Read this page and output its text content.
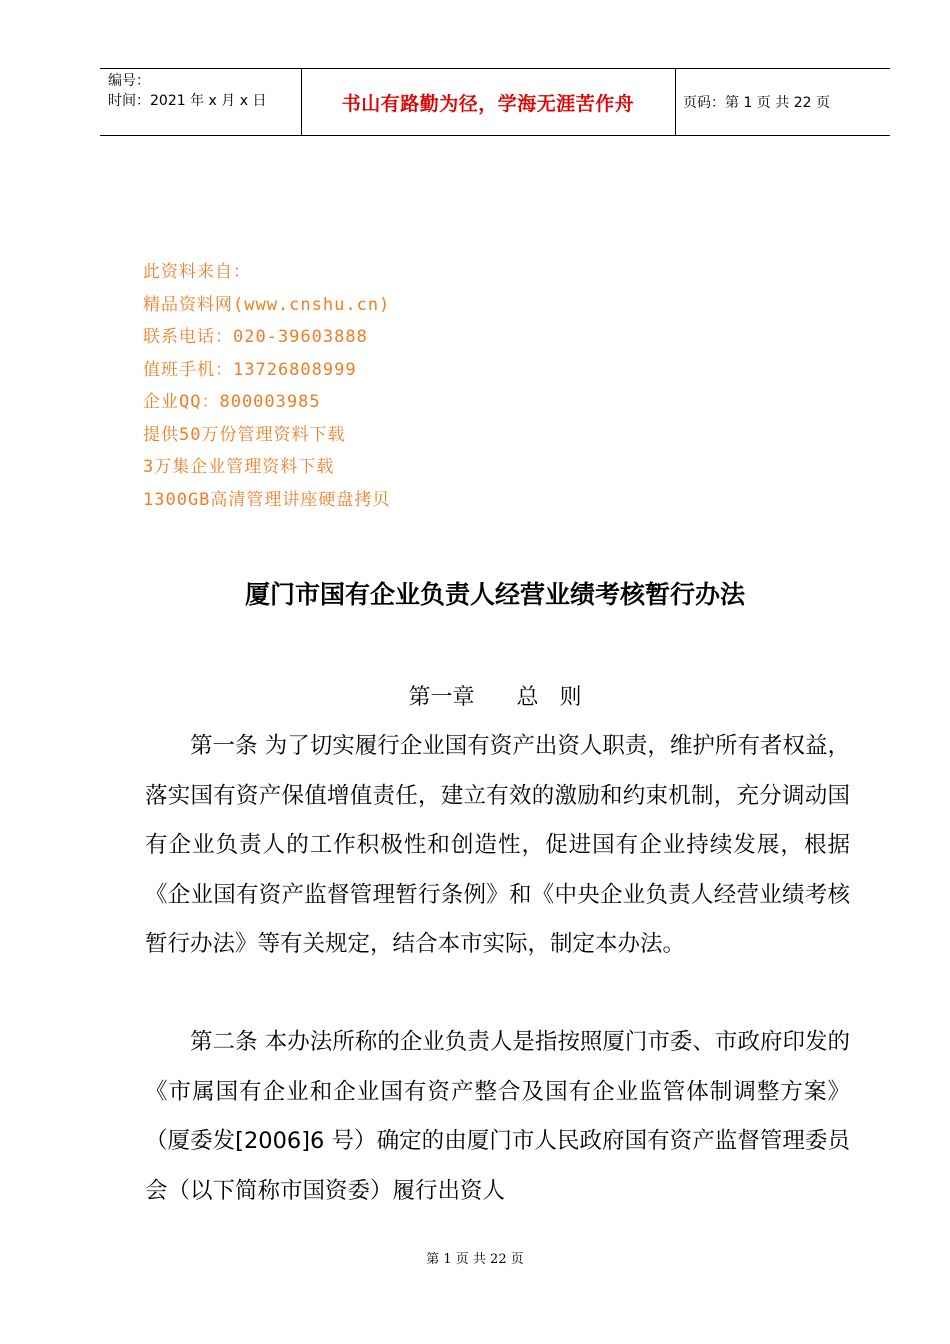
编号：
时间：2021 年 x 月 x 日	书山有路勤为径，学海无涯苦作舟	页码：第 1 页 共 22 页
此资料来自：
精品资料网(www.cnshu.cn)
联系电话：020-39603888
值班手机：13726808999
企业QQ：800003985
提供50万份管理资料下载
3万集企业管理资料下载
1300GB高清管理讲座硬盘拷贝
厦门市国有企业负责人经营业绩考核暂行办法
第一章      总   则

第一条 为了切实履行企业国有资产出资人职责，维护所有者权益，落实国有资产保值增值责任，建立有效的激励和约束机制，充分调动国有企业负责人的工作积极性和创造性，促进国有企业持续发展，根据《企业国有资产监督管理暂行条例》和《中央企业负责人经营业绩考核暂行办法》等有关规定，结合本市实际，制定本办法。

第二条 本办法所称的企业负责人是指按照厦门市委、市政府印发的《市属国有企业和企业国有资产整合及国有企业监管体制调整方案》（厦委发[2006]6 号）确定的由厦门市人民政府国有资产监督管理委员会（以下简称市国资委）履行出资人

第 1 页 共 22 页
